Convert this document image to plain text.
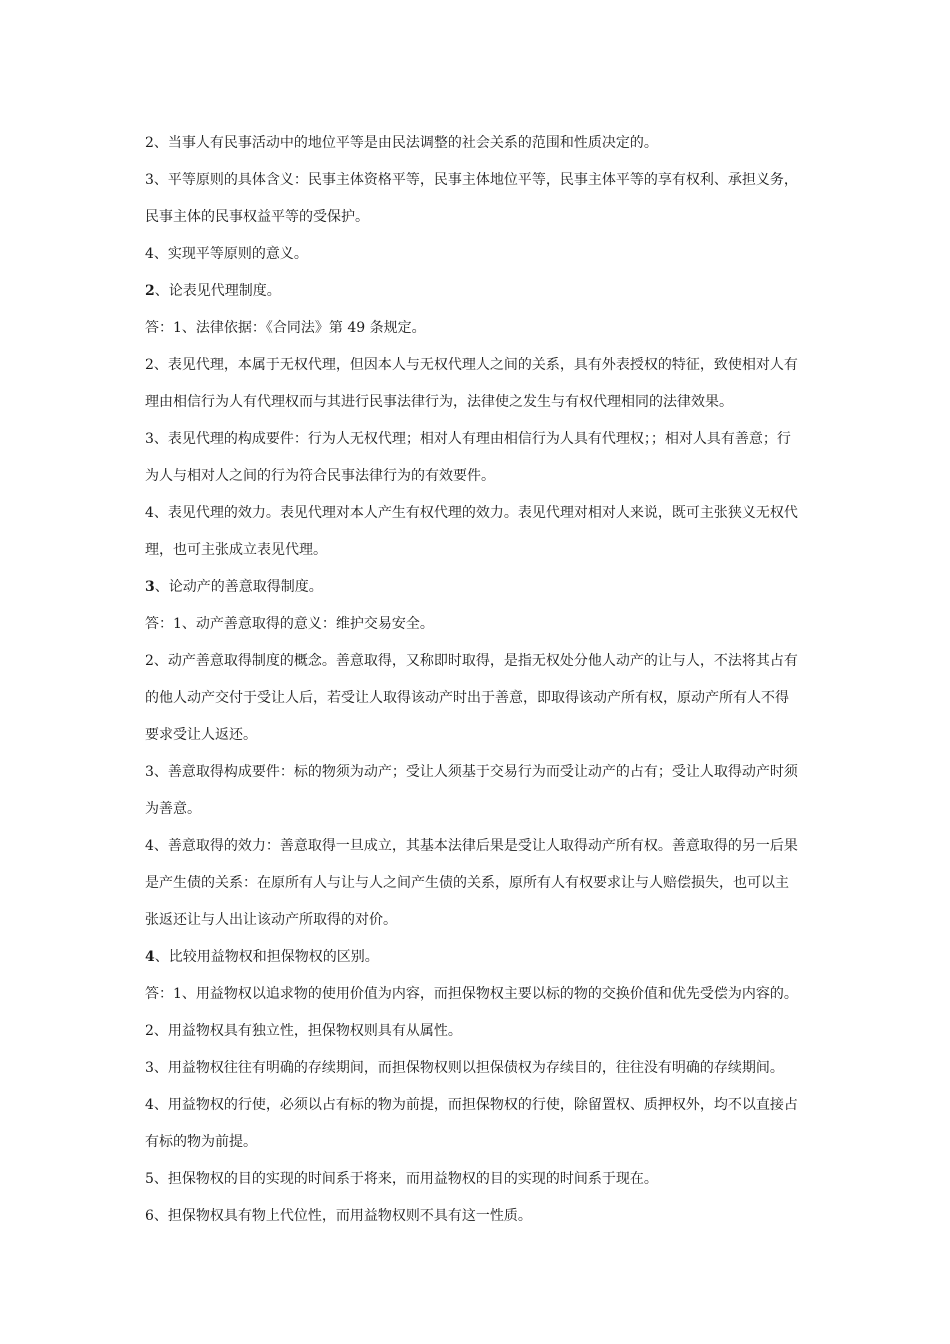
2、当事人有民事活动中的地位平等是由民法调整的社会关系的范围和性质决定的。

3、平等原则的具体含义：民事主体资格平等，民事主体地位平等，民事主体平等的享有权利、承担义务，

民事主体的民事权益平等的受保护。

4、实现平等原则的意义。

2、论表见代理制度。

答：1、法律依据：《合同法》第 49 条规定。

2、表见代理，本属于无权代理，但因本人与无权代理人之间的关系，具有外表授权的特征，致使相对人有

理由相信行为人有代理权而与其进行民事法律行为，法律使之发生与有权代理相同的法律效果。

3、表见代理的构成要件：行为人无权代理；相对人有理由相信行为人具有代理权；；相对人具有善意；行

为人与相对人之间的行为符合民事法律行为的有效要件。

4、表见代理的效力。表见代理对本人产生有权代理的效力。表见代理对相对人来说，既可主张狭义无权代

理，也可主张成立表见代理。

3、论动产的善意取得制度。

答：1、动产善意取得的意义：维护交易安全。

2、动产善意取得制度的概念。善意取得，又称即时取得，是指无权处分他人动产的让与人，不法将其占有

的他人动产交付于受让人后，若受让人取得该动产时出于善意，即取得该动产所有权，原动产所有人不得

要求受让人返还。

3、善意取得构成要件：标的物须为动产；受让人须基于交易行为而受让动产的占有；受让人取得动产时须

为善意。

4、善意取得的效力：善意取得一旦成立，其基本法律后果是受让人取得动产所有权。善意取得的另一后果

是产生债的关系：在原所有人与让与人之间产生债的关系，原所有人有权要求让与人赔偿损失，也可以主

张返还让与人出让该动产所取得的对价。

4、比较用益物权和担保物权的区别。

答：1、用益物权以追求物的使用价值为内容，而担保物权主要以标的物的交换价值和优先受偿为内容的。

2、用益物权具有独立性，担保物权则具有从属性。

3、用益物权往往有明确的存续期间，而担保物权则以担保债权为存续目的，往往没有明确的存续期间。

4、用益物权的行使，必须以占有标的物为前提，而担保物权的行使，除留置权、质押权外，均不以直接占

有标的物为前提。

5、担保物权的目的实现的时间系于将来，而用益物权的目的实现的时间系于现在。

6、担保物权具有物上代位性，而用益物权则不具有这一性质。
